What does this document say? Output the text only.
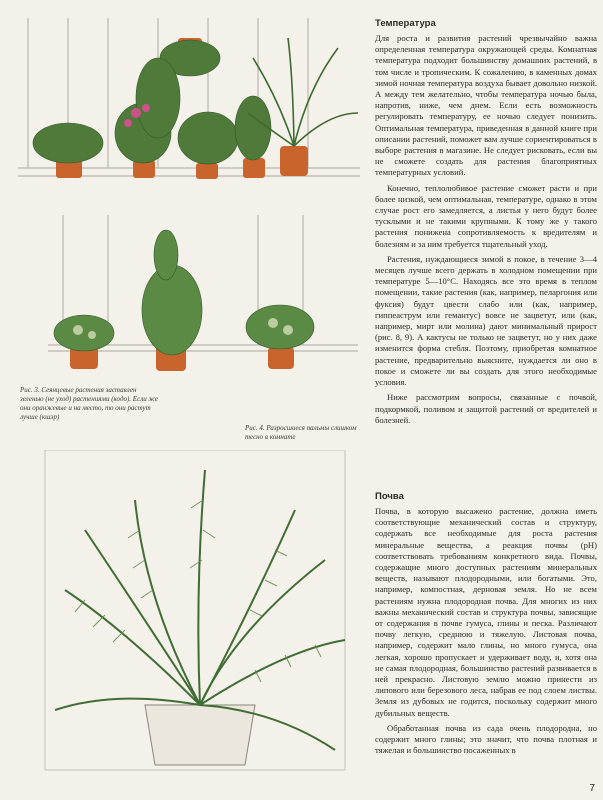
Рис. 3. Сеянцевые растения заставлен зеленью (не уход) растениями (кодо). Если же они оранжевые и на место, то они растут лучше (кшэр)
Рис. 4. Разросшиеся пальмы слишком тесно в комнате
Температура

Для роста и развития растений чрезвычайно важна определенная температура окружающей среды. Комнатная температура подходит большинству домашних растений, в том числе и тропическим. К сожалению, в каменных домах зимой ночная температура воздуха бывает довольно низкой. А между тем желательно, чтобы температура ночью была, напротив, ниже, чем днем. Если есть возможность регулировать температуру, ее ночью следует понизить. Оптимальная температура, приведенная в данной книге при описании растений, поможет вам лучше сориентироваться в выборе растения в магазине. Не следует рисковать, если вы не сможете создать для растения благоприятных температурных условий.

Конечно, теплолюбивое растение сможет расти и при более низкой, чем оптимальная, температуре, однако в этом случае рост его замедляется, а листья у него будут более тусклыми и не такими крупными. К тому же у такого растения понижена сопротивляемость к вредителям и болезням и за ним требуется тщательный уход.

Растения, нуждающиеся зимой в покое, в течение 3—4 месяцев лучше всего держать в холодном помещении при температуре 5—10°С. Находясь все это время в теплом помещении, такие растения (как, например, пеларгония или фуксия) будут цвести слабо или (как, например, гиппеаструм или гемантус) вовсе не зацветут, или (как, например, мирт или молина) дают минимальный прирост (рис. 8, 9). А кактусы не только не зацветут, но у них даже изменится форма стебля. Поэтому, приобретая комнатное растение, предварительно выясните, нуждается ли оно в покое и сможете ли вы создать для этого необходимые условия.

Ниже рассмотрим вопросы, связанные с почвой, подкормкой, поливом и защитой растений от вредителей и болезней.

Почва

Почва, в которую высажено растение, должна иметь соответствующие механический состав и структуру, содержать все необходимые для роста растения минеральные вещества, а реакция почвы (pH) соответствовать требованиям конкретного вида. Почвы, содержащие много доступных растениям минеральных веществ, называют плодородными, или богатыми. Это, например, компостная, дерновая земля. Но не всем растениям нужна плодородная почва. Для многих из них важны механический состав и структура почвы, зависящие от содержания в почве гумуса, глины и песка. Различают почву легкую, среднюю и тяжелую. Листовая почва, например, содержит мало глины, но много гумуса, она легкая, хорошо пропускает и удерживает воду, и, хотя она не самая плодородная, большинство растений развивается в ней прекрасно. Листовую землю можно принести из липового или березового леса, набрав ее под слоем листвы. Земля из дубовых не годится, поскольку содержит много дубильных веществ.

Обработанная почва из сада очень плодородна, но содержит много глины; это значит, что почва плотная и тяжелая и большинство посаженных в

7
